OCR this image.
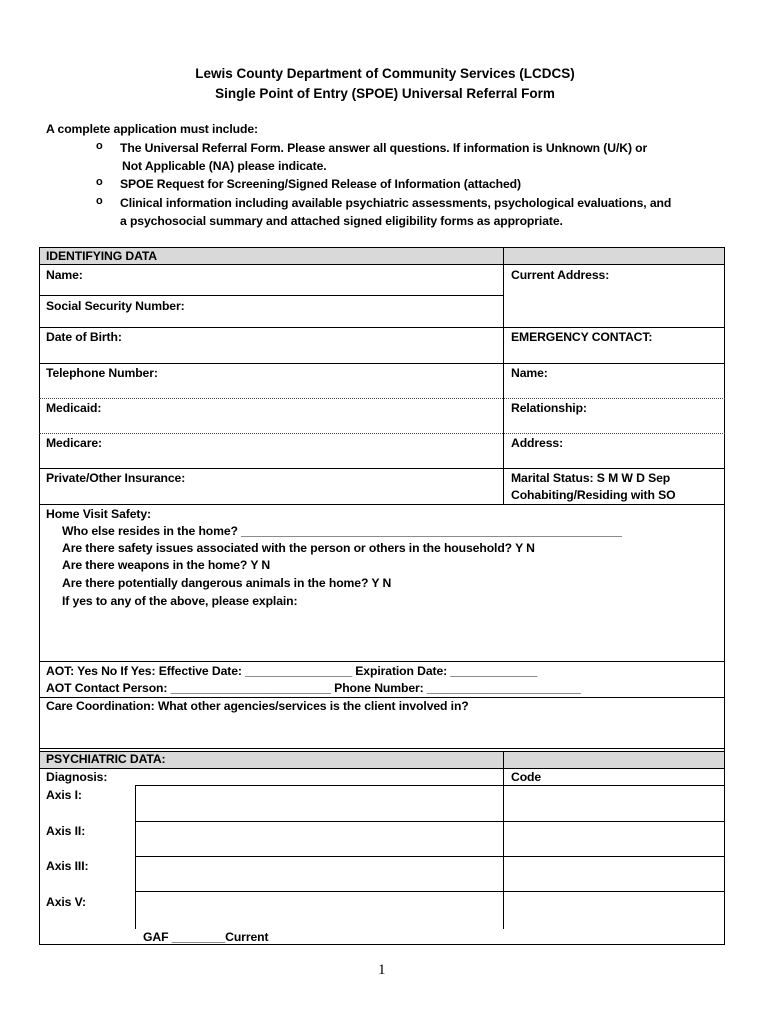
Lewis County Department of Community Services (LCDCS)
Single Point of Entry (SPOE) Universal Referral Form
A complete application must include:
o The Universal Referral Form. Please answer all questions. If information is Unknown (U/K) or
Not Applicable (NA) please indicate.
o SPOE Request for Screening/Signed Release of Information (attached)
o Clinical information including available psychiatric assessments, psychological evaluations, and
a psychosocial summary and attached signed eligibility forms as appropriate.
IDENTIFYING DATA
Name:	Current Address:
Social Security Number:
Date of Birth:	EMERGENCY CONTACT:
Telephone Number:	Name:
Medicaid:	Relationship:
Medicare:	Address:
Private/Other Insurance:	Marital Status: S M W D Sep
Cohabiting/Residing with SO
Home Visit Safety:
Who else resides in the home? _________________________________________________________
Are there safety issues associated with the person or others in the household? Y N
Are there weapons in the home? Y N
Are there potentially dangerous animals in the home? Y N
If yes to any of the above, please explain:
AOT: Yes No If Yes: Effective Date: ________________ Expiration Date: _____________
AOT Contact Person: ________________________ Phone Number: _______________________
Care Coordination: What other agencies/services is the client involved in?
PSYCHIATRIC DATA:
Diagnosis:	Code
Axis I:
Axis II:
Axis III:
Axis V:
GAF ________Current
1
